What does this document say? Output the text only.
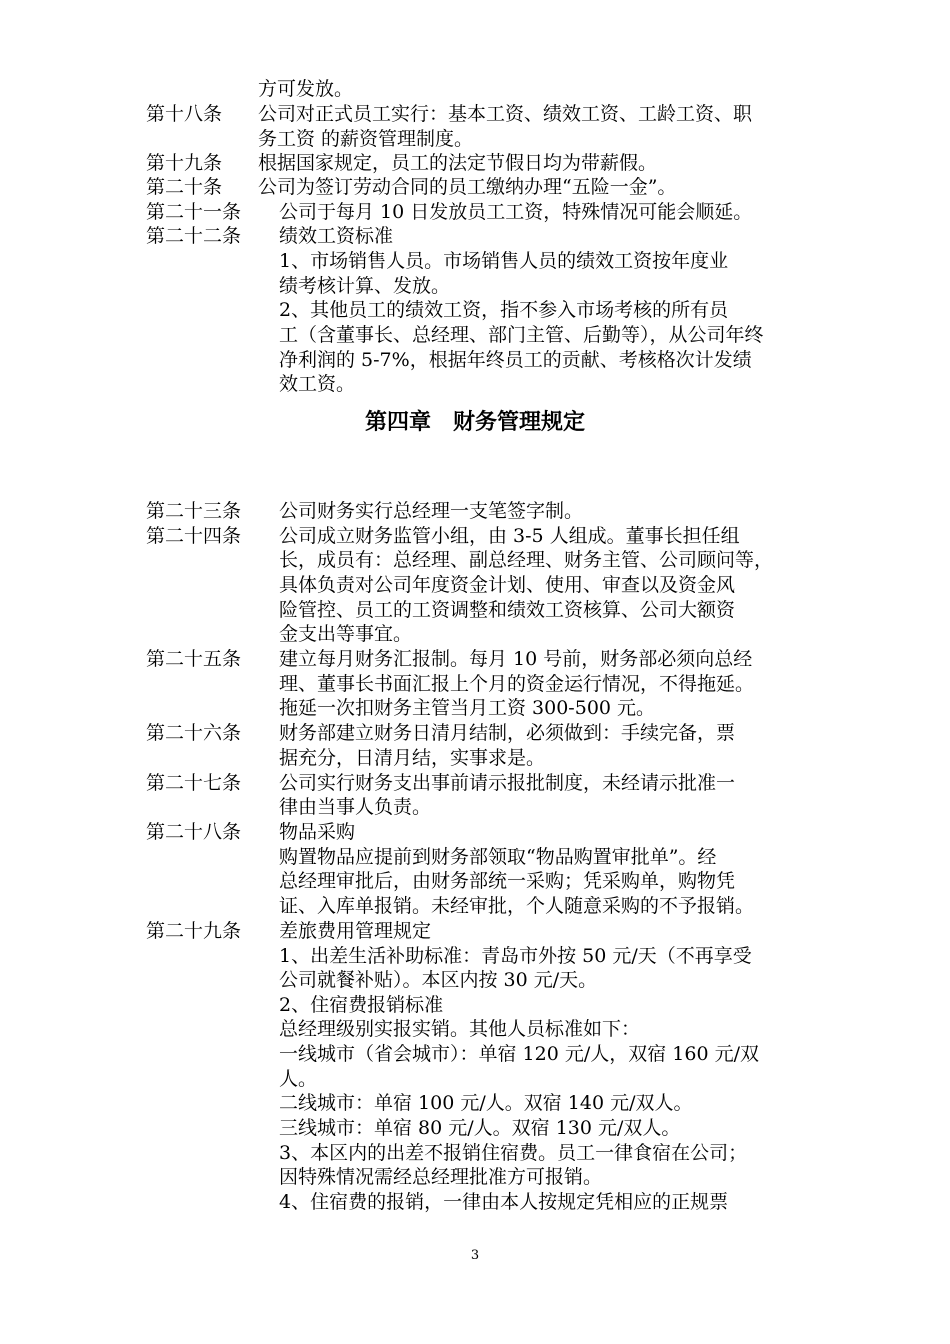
第四章　财务管理规定
第十八条
第十九条
第二十条
第二十一条
第二十二条
第二十三条
第二十四条
第二十五条
第二十六条
第二十七条
第二十八条
第二十九条
方可发放。
公司对正式员工实行：基本工资、绩效工资、工龄工资、职
务工资 的薪资管理制度。
根据国家规定，员工的法定节假日均为带薪假。
公司为签订劳动合同的员工缴纳办理“五险一金”。
公司于每月 10 日发放员工工资，特殊情况可能会顺延。
绩效工资标准
1、市场销售人员。市场销售人员的绩效工资按年度业
绩考核计算、发放。
2、其他员工的绩效工资，指不参入市场考核的所有员
工（含董事长、总经理、部门主管、后勤等），从公司年终
净利润的 5-7%，根据年终员工的贡献、考核格次计发绩
效工资。
公司财务实行总经理一支笔签字制。
公司成立财务监管小组，由 3-5 人组成。董事长担任组
长，成员有：总经理、副总经理、财务主管、公司顾问等，
具体负责对公司年度资金计划、使用、审查以及资金风
险管控、员工的工资调整和绩效工资核算、公司大额资
金支出等事宜。
建立每月财务汇报制。每月 10 号前，财务部必须向总经
理、董事长书面汇报上个月的资金运行情况，不得拖延。
拖延一次扣财务主管当月工资 300-500 元。
财务部建立财务日清月结制，必须做到：手续完备，票
据充分，日清月结，实事求是。
公司实行财务支出事前请示报批制度，未经请示批准一
律由当事人负责。
物品采购
购置物品应提前到财务部领取“物品购置审批单”。经
总经理审批后，由财务部统一采购；凭采购单，购物凭
证、入库单报销。未经审批，个人随意采购的不予报销。
差旅费用管理规定
1、出差生活补助标准：青岛市外按 50 元/天（不再享受
公司就餐补贴）。本区内按 30 元/天。
2、住宿费报销标准
总经理级别实报实销。其他人员标准如下：
一线城市（省会城市）：单宿 120 元/人，双宿 160 元/双
人。
二线城市：单宿 100 元/人。双宿 140 元/双人。
三线城市：单宿 80 元/人。双宿 130 元/双人。
3、本区内的出差不报销住宿费。员工一律食宿在公司；
因特殊情况需经总经理批准方可报销。
4、住宿费的报销，一律由本人按规定凭相应的正规票
3
